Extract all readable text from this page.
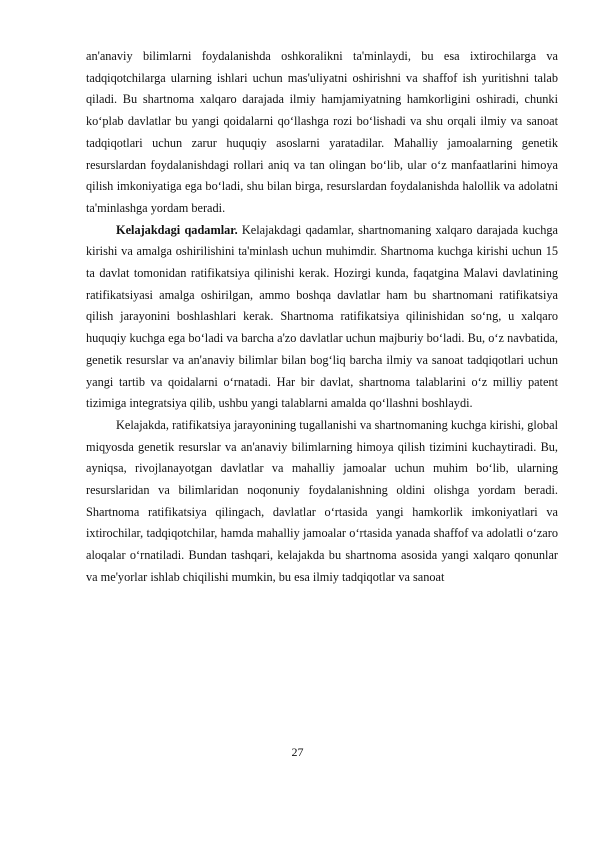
an'anaviy bilimlarni foydalanishda oshkoralikni ta'minlaydi, bu esa ixtirochilarga va tadqiqotchilarga ularning ishlari uchun mas'uliyatni oshirishni va shaffof ish yuritishni talab qiladi. Bu shartnoma xalqaro darajada ilmiy hamjamiyatning hamkorligini oshiradi, chunki koʻplab davlatlar bu yangi qoidalarni qoʻllashga rozi boʻlishadi va shu orqali ilmiy va sanoat tadqiqotlari uchun zarur huquqiy asoslarni yaratadilar. Mahalliy jamoalarning genetik resurslardan foydalanishdagi rollari aniq va tan olingan boʻlib, ular oʻz manfaatlarini himoya qilish imkoniyatiga ega boʻladi, shu bilan birga, resurslardan foydalanishda halollik va adolatni ta'minlashga yordam beradi.

Kelajakdagi qadamlar. Kelajakdagi qadamlar, shartnomaning xalqaro darajada kuchga kirishi va amalga oshirilishini ta'minlash uchun muhimdir. Shartnoma kuchga kirishi uchun 15 ta davlat tomonidan ratifikatsiya qilinishi kerak. Hozirgi kunda, faqatgina Malavi davlatining ratifikatsiyasi amalga oshirilgan, ammo boshqa davlatlar ham bu shartnomani ratifikatsiya qilish jarayonini boshlashlari kerak. Shartnoma ratifikatsiya qilinishidan soʻng, u xalqaro huquqiy kuchga ega boʻladi va barcha a'zo davlatlar uchun majburiy boʻladi. Bu, oʻz navbatida, genetik resurslar va an'anaviy bilimlar bilan bogʻliq barcha ilmiy va sanoat tadqiqotlari uchun yangi tartib va qoidalarni oʻrnatadi. Har bir davlat, shartnoma talablarini oʻz milliy patent tizimiga integratsiya qilib, ushbu yangi talablarni amalda qoʻllashni boshlaydi.

Kelajakda, ratifikatsiya jarayonining tugallanishi va shartnomaning kuchga kirishi, global miqyosda genetik resurslar va an'anaviy bilimlarning himoya qilish tizimini kuchaytiradi. Bu, ayniqsa, rivojlanayotgan davlatlar va mahalliy jamoalar uchun muhim boʻlib, ularning resurslaridan va bilimlaridan noqonuniy foydalanishning oldini olishga yordam beradi. Shartnoma ratifikatsiya qilingach, davlatlar oʻrtasida yangi hamkorlik imkoniyatlari va ixtirochilar, tadqiqotchilar, hamda mahalliy jamoalar oʻrtasida yanada shaffof va adolatli oʻzaro aloqalar oʻrnatiladi. Bundan tashqari, kelajakda bu shartnoma asosida yangi xalqaro qonunlar va me'yorlar ishlab chiqilishi mumkin, bu esa ilmiy tadqiqotlar va sanoat

27
